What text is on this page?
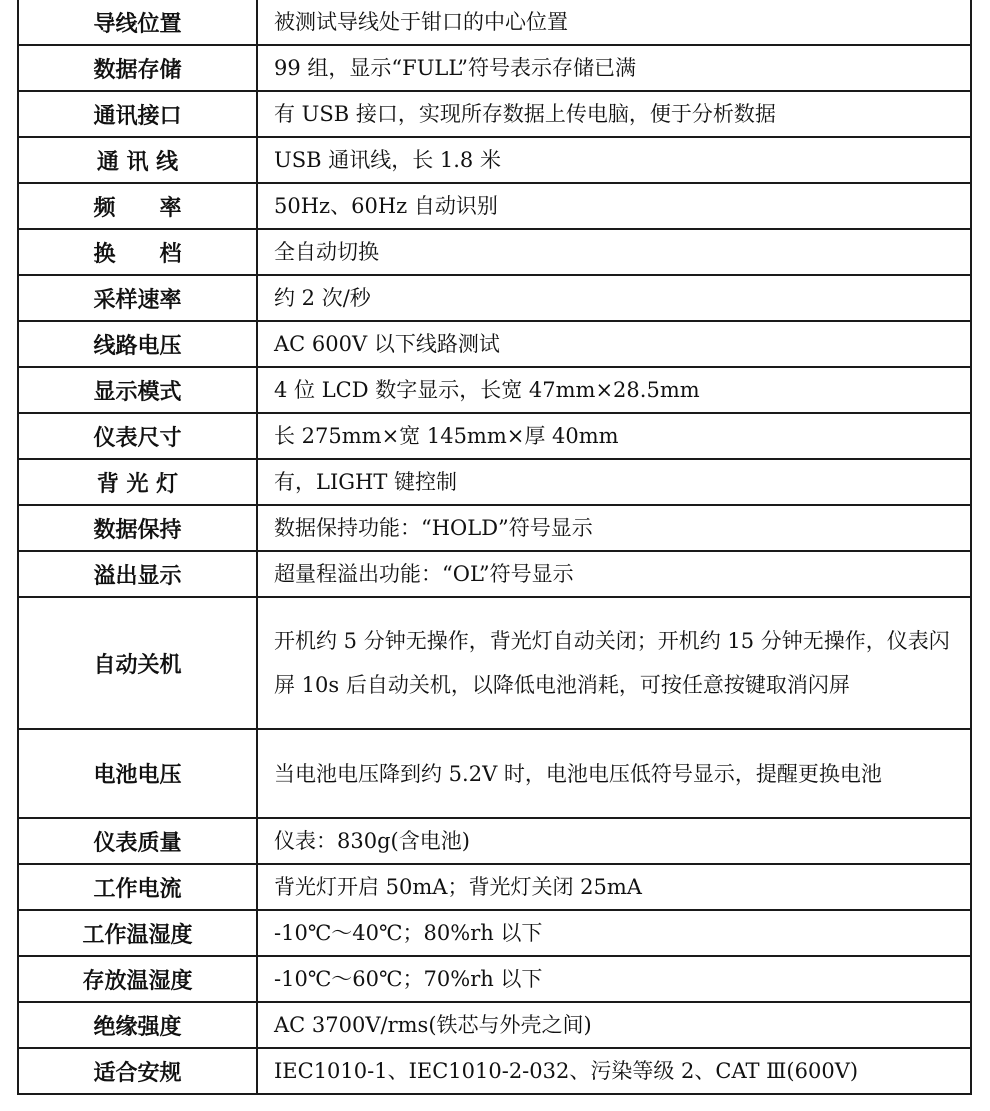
导线位置	被测试导线处于钳口的中心位置
数据存储	99 组，显示“FULL”符号表示存储已满
通讯接口	有 USB 接口，实现所存数据上传电脑，便于分析数据
通 讯 线	USB 通讯线，长 1.8 米
频　　率	50Hz、60Hz 自动识别
换　　档	全自动切换
采样速率	约 2 次/秒
线路电压	AC 600V 以下线路测试
显示模式	4 位 LCD 数字显示，长宽 47mm×28.5mm
仪表尺寸	长 275mm×宽 145mm×厚 40mm
背 光 灯	有，LIGHT 键控制
数据保持	数据保持功能：“HOLD”符号显示
溢出显示	超量程溢出功能：“OL”符号显示
自动关机	开机约 5 分钟无操作，背光灯自动关闭；开机约 15 分钟无操作，仪表闪屏 10s 后自动关机，以降低电池消耗，可按任意按键取消闪屏
电池电压	当电池电压降到约 5.2V 时，电池电压低符号显示，提醒更换电池
仪表质量	仪表：830g(含电池)
工作电流	背光灯开启 50mA；背光灯关闭 25mA
工作温湿度	-10℃～40℃；80%rh 以下
存放温湿度	-10℃～60℃；70%rh 以下
绝缘强度	AC 3700V/rms(铁芯与外壳之间)
适合安规	IEC1010-1、IEC1010-2-032、污染等级 2、CAT Ⅲ(600V)
